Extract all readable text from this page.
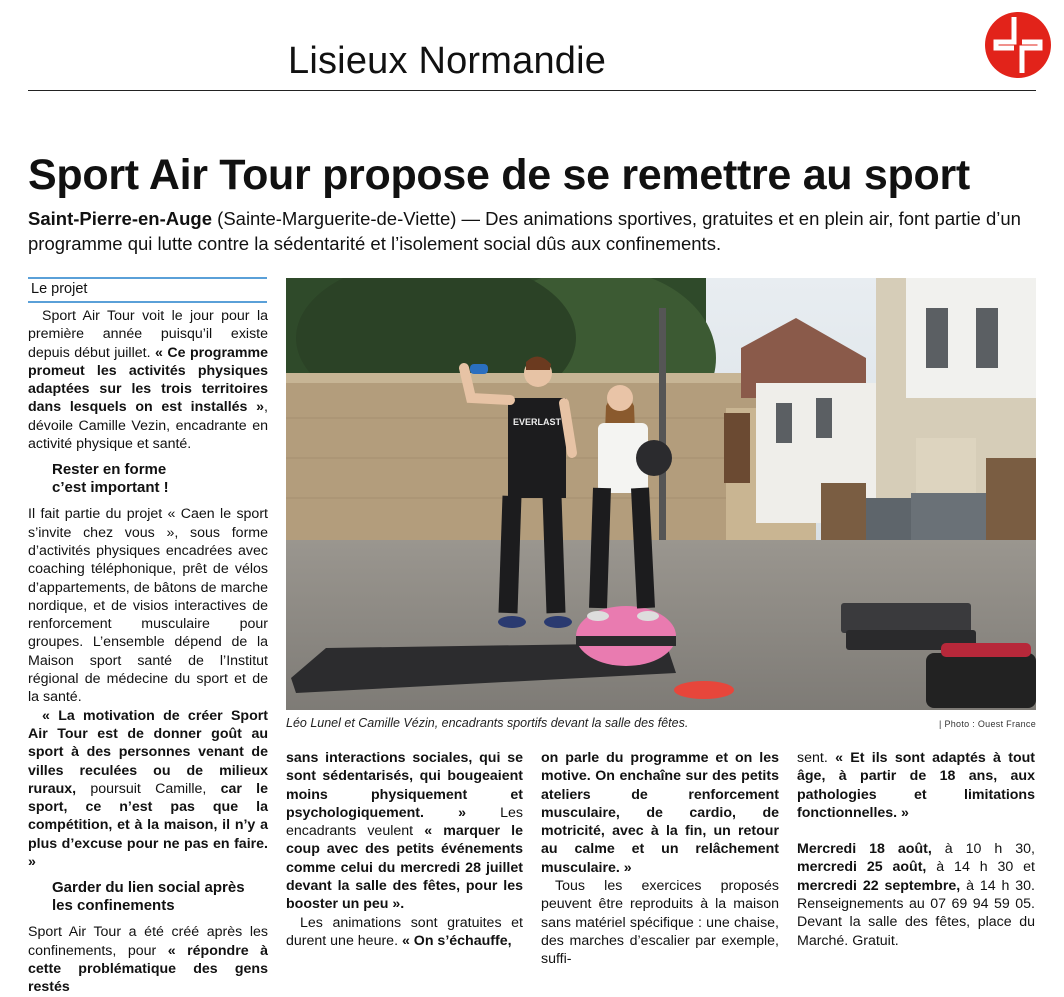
Lisieux Normandie
Sport Air Tour propose de se remettre au sport
Saint-Pierre-en-Auge (Sainte-Marguerite-de-Viette) — Des animations sportives, gratuites et en plein air, font partie d’un programme qui lutte contre la sédentarité et l’isolement social dûs aux confinements.
Le projet

Sport Air Tour voit le jour pour la première année puisqu’il existe depuis début juillet. « Ce programme promeut les activités physiques adaptées sur les trois territoires dans lesquels on est installés », dévoile Camille Vezin, encadrante en activité physique et santé.

Rester en forme
c’est important !

Il fait partie du projet « Caen le sport s’invite chez vous », sous forme d’activités physiques encadrées avec coaching téléphonique, prêt de vélos d’appartements, de bâtons de marche nordique, et de visios interactives de renforcement musculaire pour groupes. L’ensemble dépend de la Maison sport santé de l’Institut régional de médecine du sport et de la santé.

« La motivation de créer Sport Air Tour est de donner goût au sport à des personnes venant de villes reculées ou de milieux ruraux, poursuit Camille, car le sport, ce n’est pas que la compétition, et à la maison, il n’y a plus d’excuse pour ne pas en faire. »

Garder du lien social après
les confinements

Sport Air Tour a été créé après les confinements, pour « répondre à cette problématique des gens restés

EVERLAST
Léo Lunel et Camille Vézin, encadrants sportifs devant la salle des fêtes.	| Photo : Ouest France

sans interactions sociales, qui se sont sédentarisés, qui bougeaient moins physiquement et psychologiquement. » Les encadrants veulent « marquer le coup avec des petits événements comme celui du mercredi 28 juillet devant la salle des fêtes, pour les booster un peu ».

Les animations sont gratuites et durent une heure. « On s’échauffe,

on parle du programme et on les motive. On enchaîne sur des petits ateliers de renforcement musculaire, de cardio, de motricité, avec à la fin, un retour au calme et un relâchement musculaire. »

Tous les exercices proposés peuvent être reproduits à la maison sans matériel spécifique : une chaise, des marches d’escalier par exemple, suffi-

sent. « Et ils sont adaptés à tout âge, à partir de 18 ans, aux pathologies et limitations fonctionnelles. »

Mercredi 18 août, à 10 h 30, mercredi 25 août, à 14 h 30 et mercredi 22 septembre, à 14 h 30. Renseignements au 07 69 94 59 05. Devant la salle des fêtes, place du Marché. Gratuit.
